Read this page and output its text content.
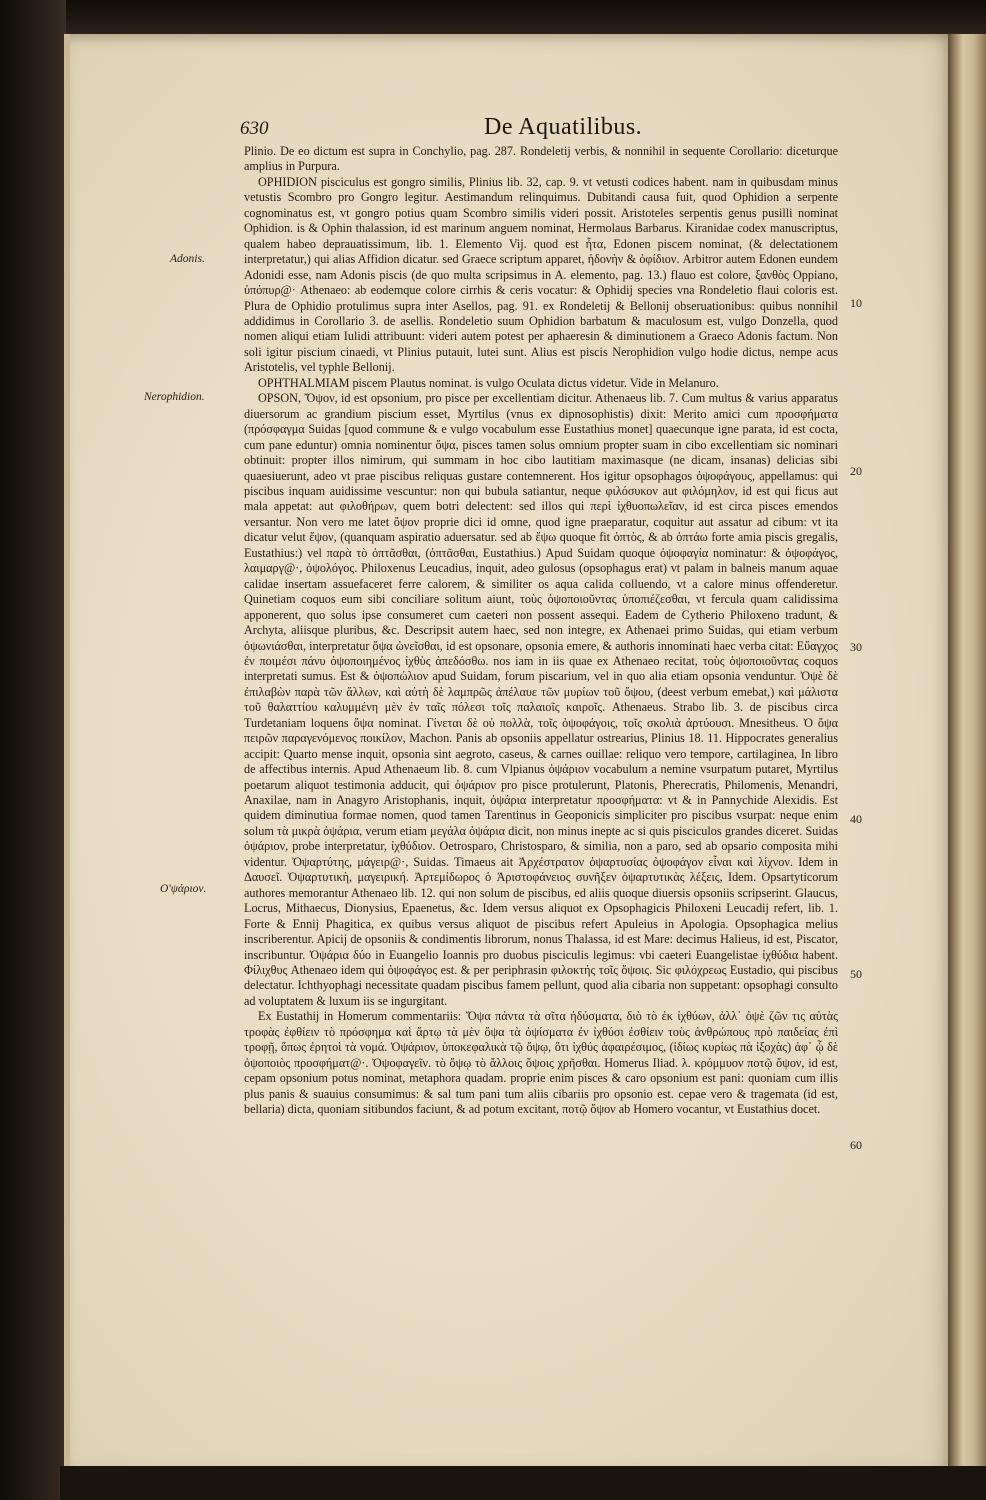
630	De Aquatilibus.
Adonis.
Nerophidion.
O'ψάριον.
10
20
30
40
50
60

Plinio. De eo dictum est supra in Conchylio, pag. 287. Rondeletij verbis, & nonnihil in sequente Corollario: diceturque amplius in Purpura.

OPHIDION pisciculus est gongro similis, Plinius lib. 32, cap. 9. vt vetusti codices habent. nam in quibusdam minus vetustis Scombro pro Gongro legitur. Aestimandum relinquimus. Dubitandi causa fuit, quod Ophidion a serpente cognominatus est, vt gongro potius quam Scombro similis videri possit. Aristoteles serpentis genus pusilli nominat Ophidion. is & Ophin thalassion, id est marinum anguem nominat, Hermolaus Barbarus. Kiranidae codex manuscriptus, qualem habeo deprauatissimum, lib. 1. Elemento Vij. quod est ἦτα, Edonen piscem nominat, (& delectationem interpretatur,) qui alias Affidion dicatur. sed Graece scriptum apparet, ἡδονὴν & ὀφίδιον. Arbitror autem Edonen eundem Adonidi esse, nam Adonis piscis (de quo multa scripsimus in A. elemento, pag. 13.) flauo est colore, ξανθὸς Oppiano, ὑπόπυρ@· Athenaeo: ab eodemque colore cirrhis & ceris vocatur: & Ophidij species vna Rondeletio flaui coloris est. Plura de Ophidio protulimus supra inter Asellos, pag. 91. ex Rondeletij & Bellonij obseruationibus: quibus nonnihil addidimus in Corollario 3. de asellis. Rondeletio suum Ophidion barbatum & maculosum est, vulgo Donzella, quod nomen aliqui etiam Iulidi attribuunt: videri autem potest per aphaeresin & diminutionem a Graeco Adonis factum. Non soli igitur piscium cinaedi, vt Plinius putauit, lutei sunt. Alius est piscis Nerophidion vulgo hodie dictus, nempe acus Aristotelis, vel typhle Bellonij.

OPHTHALMIAM piscem Plautus nominat. is vulgo Oculata dictus videtur. Vide in Melanuro.

OPSON, Ὄψον, id est opsonium, pro pisce per excellentiam dicitur. Athenaeus lib. 7. Cum multus & varius apparatus diuersorum ac grandium piscium esset, Myrtilus (vnus ex dipnosophistis) dixit: Merito amici cum προσφήματα (πρόσφαγμα Suidas [quod commune & e vulgo vocabulum esse Eustathius monet] quaecunque igne parata, id est cocta, cum pane eduntur) omnia nominentur ὄψα, pisces tamen solus omnium propter suam in cibo excellentiam sic nominari obtinuit: propter illos nimirum, qui summam in hoc cibo lautitiam maximasque (ne dicam, insanas) delicias sibi quaesiuerunt, adeo vt prae piscibus reliquas gustare contemnerent. Hos igitur opsophagos ὀψοφάγους, appellamus: qui piscibus inquam auidissime vescuntur: non qui bubula satiantur, neque φιλόσυκον aut φιλόμηλον, id est qui ficus aut mala appetat: aut φιλοθήρων, quem botri delectent: sed illos qui περὶ ἰχθυοπωλεῖαν, id est circa pisces emendos versantur. Non vero me latet ὄψον proprie dici id omne, quod igne praeparatur, coquitur aut assatur ad cibum: vt ita dicatur velut ἕψον, (quanquam aspiratio aduersatur. sed ab ἕψω quoque fit ὀπτὸς, & ab ὀπτάω forte amia piscis gregalis, Eustathius:) vel παρὰ τὸ ὀπτᾶσθαι, (ὀπτᾶσθαι, Eustathius.) Apud Suidam quoque ὀψοφαγία nominatur: & ὀψοφάγος, λαιμαργ@·, ὀψολόγος. Philoxenus Leucadius, inquit, adeo gulosus (opsophagus erat) vt palam in balneis manum aquae calidae insertam assuefaceret ferre calorem, & similiter os aqua calida colluendo, vt a calore minus offenderetur. Quinetiam coquos eum sibi conciliare solitum aiunt, τοὺς ὀψοποιοῦντας ὑποπιέζεσθαι, vt fercula quam calidissima apponerent, quo solus ipse consumeret cum caeteri non possent assequi. Eadem de Cytherio Philoxeno tradunt, & Archyta, aliisque pluribus, &c. Descripsit autem haec, sed non integre, ex Athenaei primo Suidas, qui etiam verbum ὀψωνιάσθαι, interpretatur ὄψα ὠνεῖσθαι, id est opsonare, opsonia emere, & authoris innominati haec verba citat: Εὔαγχος ἐν ποιμέσι πάνυ ὀψοποιημένος ἰχθὺς ἀπεδόσθω. nos iam in iis quae ex Athenaeo recitat, τοὺς ὀψοποιοῦντας coquos interpretati sumus. Est & ὀψοπώλιον apud Suidam, forum piscarium, vel in quo alia etiam opsonia venduntur. Ὀψὲ δὲ ἐπιλαβὼν παρὰ τῶν ἄλλων, καὶ αὐτὴ δὲ λαμπρῶς ἀπέλαυε τῶν μυρίων τοῦ ὄψου, (deest verbum emebat,) καὶ μάλιστα τοῦ θαλαττίου καλυμμένη μὲν ἐν ταῖς πόλεσι τοῖς παλαιοῖς καιροῖς. Athenaeus. Strabo lib. 3. de piscibus circa Turdetaniam loquens ὄψα nominat. Γίνεται δὲ οὐ πολλὰ, τοῖς ὀψοφάγοις, τοῖς σκολιὰ ἀρτύουσι. Mnesitheus. Ὀ ὄψα πειρῶν παραγενόμενος ποικίλον, Machon. Panis ab opsoniis appellatur ostrearius, Plinius 18. 11. Hippocrates generalius accipit: Quarto mense inquit, opsonia sint aegroto, caseus, & carnes ouillae: reliquo vero tempore, cartilaginea, In libro de affectibus internis. Apud Athenaeum lib. 8. cum Vlpianus ὀψάριον vocabulum a nemine vsurpatum putaret, Myrtilus poetarum aliquot testimonia adducit, qui ὀψάριον pro pisce protulerunt, Platonis, Pherecratis, Philomenis, Menandri, Anaxilae, nam in Anagyro Aristophanis, inquit, ὀψάρια interpretatur προσφήματα: vt & in Pannychide Alexidis. Est quidem diminutiua formae nomen, quod tamen Tarentinus in Geoponicis simpliciter pro piscibus vsurpat: neque enim solum τὰ μικρὰ ὀψάρια, verum etiam μεγάλα ὀψάρια dicit, non minus inepte ac si quis pisciculos grandes diceret. Suidas ὀψάριον, probe interpretatur, ἰχθύδιον. Oetrosparo, Christosparo, & similia, non a paro, sed ab opsario composita mihi videntur. Ὀψαρτύτης, μάγειρ@·, Suidas. Timaeus ait Ἀρχέστρατον ὀψαρτυσίας ὀψοφάγον εἶναι καὶ λίχνον. Idem in Δαυσεῖ. Ὀψαρτυτικὴ, μαγειρική. Ἀρτεμίδωρος ὁ Ἀριστοφάνειος συνῆξεν ὀψαρτυτικὰς λέξεις, Idem. Opsartyticorum authores memorantur Athenaeo lib. 12. qui non solum de piscibus, ed aliis quoque diuersis opsoniis scripserint. Glaucus, Locrus, Mithaecus, Dionysius, Epaenetus, &c. Idem versus aliquot ex Opsophagicis Philoxeni Leucadij refert, lib. 1. Forte & Ennij Phagitica, ex quibus versus aliquot de piscibus refert Apuleius in Apologia. Opsophagica melius inscriberentur. Apicij de opsoniis & condimentis librorum, nonus Thalassa, id est Mare: decimus Halieus, id est, Piscator, inscribuntur. Ὀψάρια δύο in Euangelio Ioannis pro duobus pisciculis legimus: vbi caeteri Euangelistae ἰχθύδια habent. Φίλιχθυς Athenaeo idem qui ὀψοφάγος est. & per periphrasin φιλοκτής τοῖς ὄψοις. Sic φιλόχρεως Eustadio, qui piscibus delectatur. Ichthyophagi necessitate quadam piscibus famem pellunt, quod alia cibaria non suppetant: opsophagi consulto ad voluptatem & luxum iis se ingurgitant.

Ex Eustathij in Homerum commentariis: Ὄψα πάντα τὰ σῖτα ἡδύσματα, διὸ τὸ ἐκ ἰχθύων, ἀλλ᾽ ὀψὲ ζῶν τις αὐτὰς τροφὰς ἐφθίειν τὸ πρόσφημα καὶ ἄρτῳ τὰ μὲν ὄψα τὰ ὀψίσματα ἐν ἰχθύσι ἐσθίειν τοὺς ἀνθρώπους πρὸ παιδείας ἐπὶ τροφῇ, ὅπως ἐρητοὶ τὰ νομά. Ὀψάριον, ὑποκεφαλικὰ τῷ ὄψῳ, ὅτι ἰχθύς ἀφαιρέσιμος, (ἰδίως κυρίως πὰ ἰξοχὰς) ἀφ᾽ ᾧ δὲ ὀψοποιὸς προσφήματ@·. Ὀψοφαγεῖν. τὸ ὄψῳ τὸ ἄλλοις ὄψοις χρῆσθαι. Homerus Iliad. λ. κρόμμυον ποτῷ ὄψον, id est, cepam opsonium potus nominat, metaphora quadam. proprie enim pisces & caro opsonium est pani: quoniam cum illis plus panis & suauius consumimus: & sal tum pani tum aliis cibariis pro opsonio est. cepae vero & tragemata (id est, bellaria) dicta, quoniam sitibundos faciunt, & ad potum excitant, ποτῷ ὄψον ab Homero vocantur, vt Eustathius docet.
